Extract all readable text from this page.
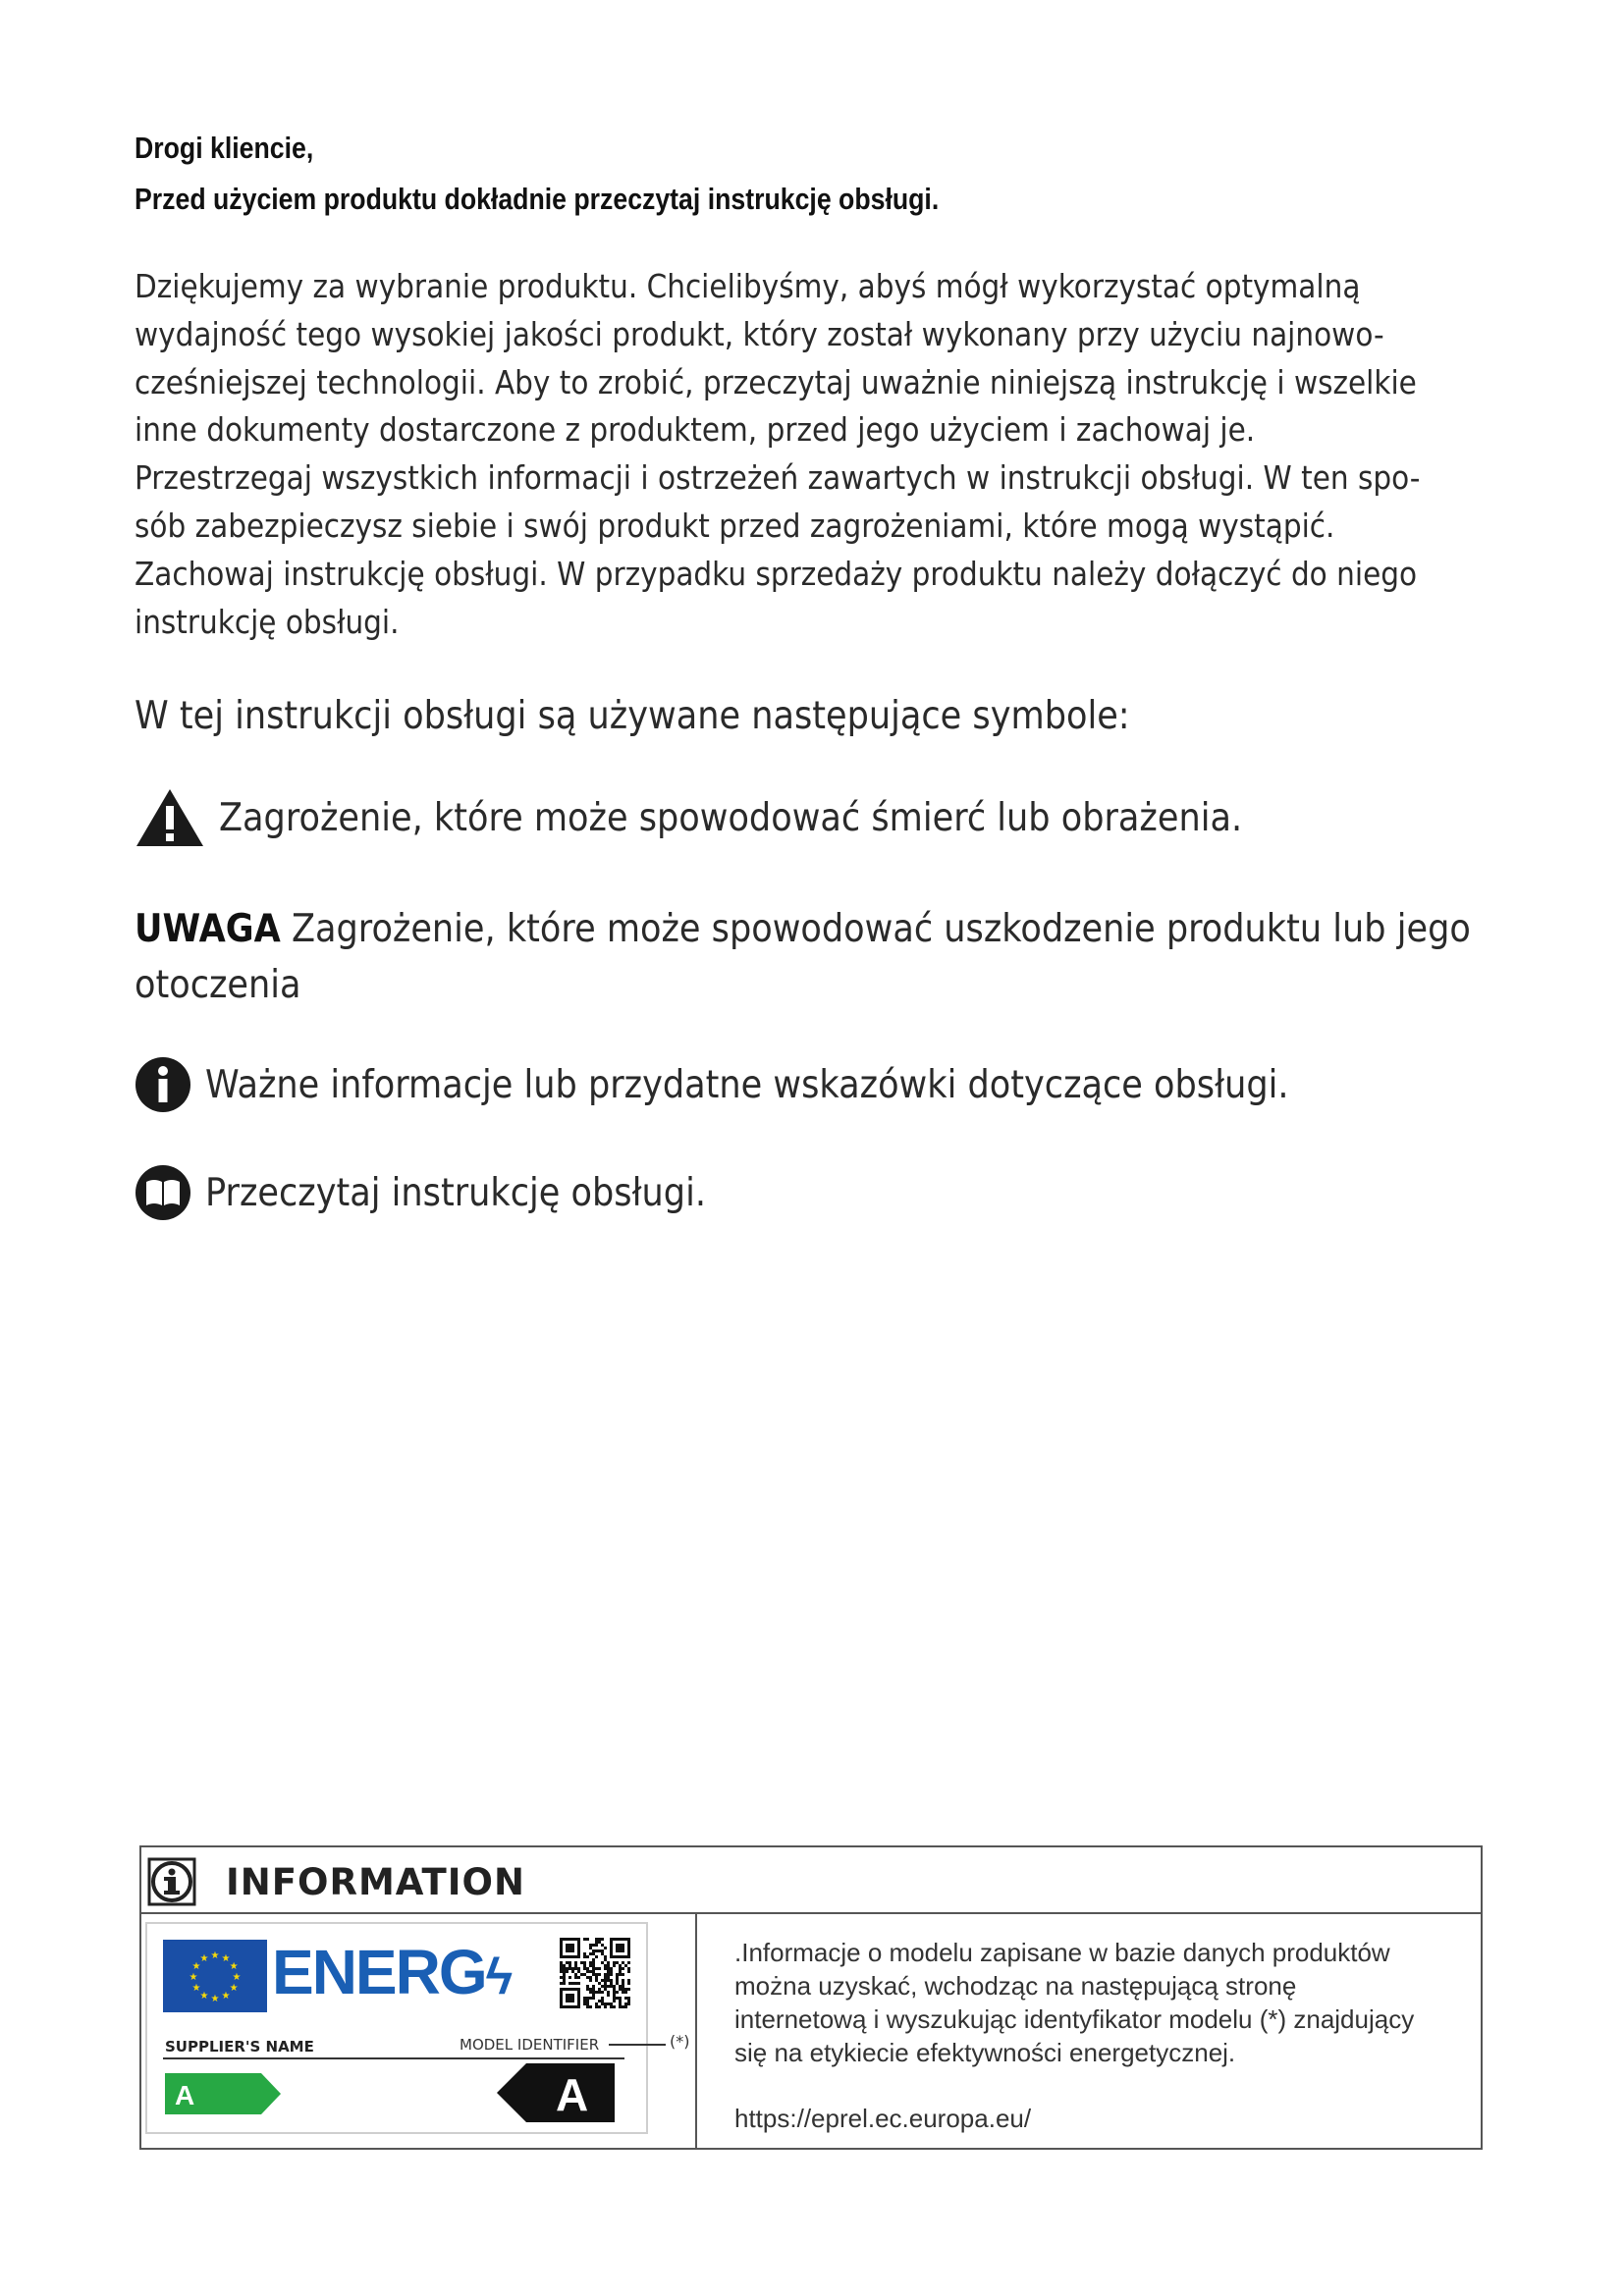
Drogi kliencie,
Przed użyciem produktu dokładnie przeczytaj instrukcję obsługi.
Dziękujemy za wybranie produktu. Chcielibyśmy, abyś mógł wykorzystać optymalną
wydajność tego wysokiej jakości produkt, który został wykonany przy użyciu najnowo-
cześniejszej technologii. Aby to zrobić, przeczytaj uważnie niniejszą instrukcję i wszelkie
inne dokumenty dostarczone z produktem, przed jego użyciem i zachowaj je.
Przestrzegaj wszystkich informacji i ostrzeżeń zawartych w instrukcji obsługi. W ten spo-
sób zabezpieczysz siebie i swój produkt przed zagrożeniami, które mogą wystąpić.
Zachowaj instrukcję obsługi. W przypadku sprzedaży produktu należy dołączyć do niego
instrukcję obsługi.
W tej instrukcji obsługi są używane następujące symbole:
Zagrożenie, które może spowodować śmierć lub obrażenia.
UWAGA Zagrożenie, które może spowodować uszkodzenie produktu lub jego
otoczenia
Ważne informacje lub przydatne wskazówki dotyczące obsługi.
Przeczytaj instrukcję obsługi.
INFORMATION
★ ★
★
★
★
★
★
★
★
★
★
★ ENERGϟ
SUPPLIER'S NAME	MODEL IDENTIFIER	(*)
A	A
.Informacje o modelu zapisane w bazie danych produktów
można uzyskać, wchodząc na następującą stronę
internetową i wyszukując identyfikator modelu (*) znajdujący
się na etykiecie efektywności energetycznej.
https://eprel.ec.europa.eu/
